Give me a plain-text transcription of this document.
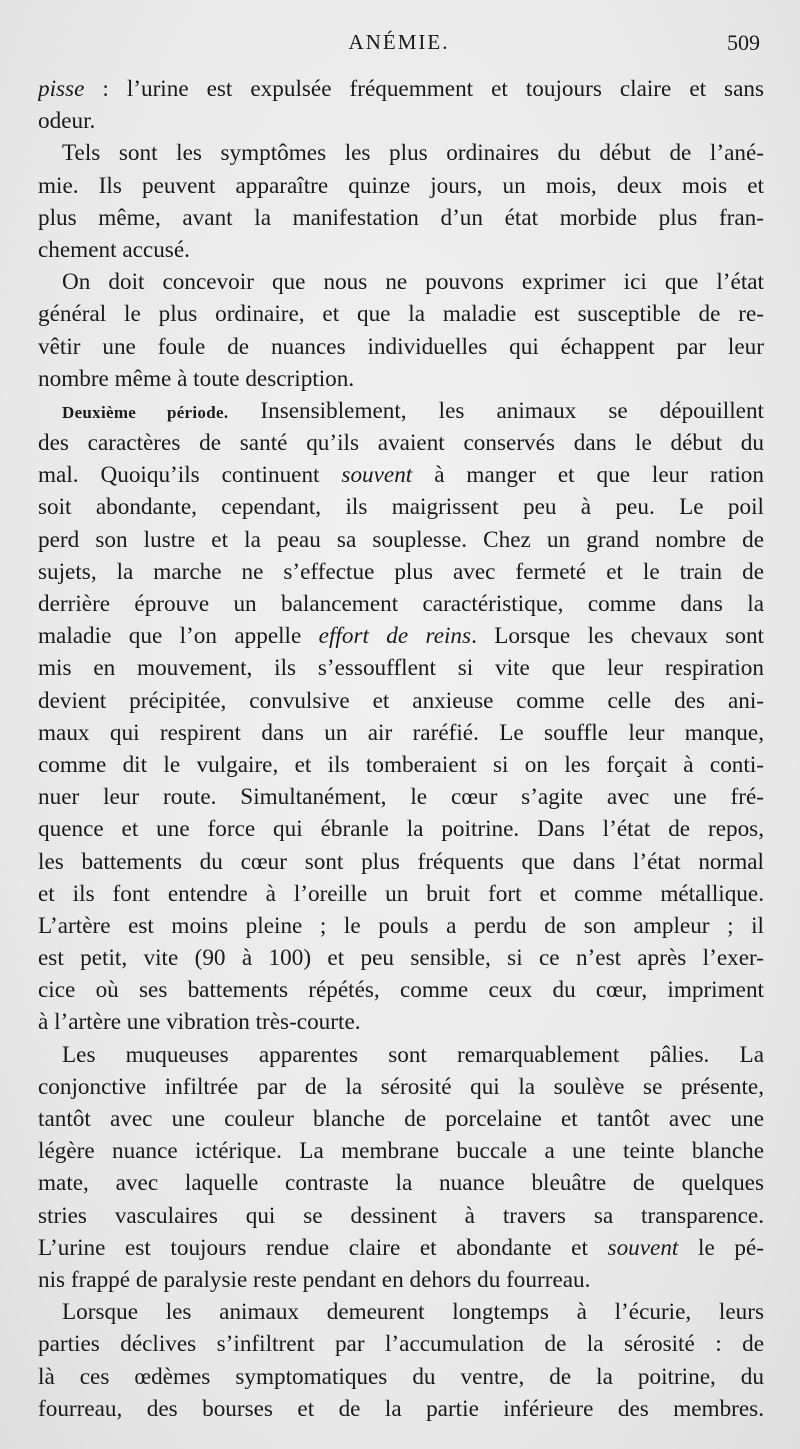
ANÉMIE.	509
pisse : l’urine est expulsée fréquemment et toujours claire et sans
odeur.
Tels sont les symptômes les plus ordinaires du début de l’ané-
mie. Ils peuvent apparaître quinze jours, un mois, deux mois et
plus même, avant la manifestation d’un état morbide plus fran-
chement accusé.
On doit concevoir que nous ne pouvons exprimer ici que l’état
général le plus ordinaire, et que la maladie est susceptible de re-
vêtir une foule de nuances individuelles qui échappent par leur
nombre même à toute description.
Deuxième période. Insensiblement, les animaux se dépouillent
des caractères de santé qu’ils avaient conservés dans le début du
mal. Quoiqu’ils continuent souvent à manger et que leur ration
soit abondante, cependant, ils maigrissent peu à peu. Le poil
perd son lustre et la peau sa souplesse. Chez un grand nombre de
sujets, la marche ne s’effectue plus avec fermeté et le train de
derrière éprouve un balancement caractéristique, comme dans la
maladie que l’on appelle effort de reins. Lorsque les chevaux sont
mis en mouvement, ils s’essoufflent si vite que leur respiration
devient précipitée, convulsive et anxieuse comme celle des ani-
maux qui respirent dans un air raréfié. Le souffle leur manque,
comme dit le vulgaire, et ils tomberaient si on les forçait à conti-
nuer leur route. Simultanément, le cœur s’agite avec une fré-
quence et une force qui ébranle la poitrine. Dans l’état de repos,
les battements du cœur sont plus fréquents que dans l’état normal
et ils font entendre à l’oreille un bruit fort et comme métallique.
L’artère est moins pleine ; le pouls a perdu de son ampleur ; il
est petit, vite (90 à 100) et peu sensible, si ce n’est après l’exer-
cice où ses battements répétés, comme ceux du cœur, impriment
à l’artère une vibration très-courte.
Les muqueuses apparentes sont remarquablement pâlies. La
conjonctive infiltrée par de la sérosité qui la soulève se présente,
tantôt avec une couleur blanche de porcelaine et tantôt avec une
légère nuance ictérique. La membrane buccale a une teinte blanche
mate, avec laquelle contraste la nuance bleuâtre de quelques
stries vasculaires qui se dessinent à travers sa transparence.
L’urine est toujours rendue claire et abondante et souvent le pé-
nis frappé de paralysie reste pendant en dehors du fourreau.
Lorsque les animaux demeurent longtemps à l’écurie, leurs
parties déclives s’infiltrent par l’accumulation de la sérosité : de
là ces œdèmes symptomatiques du ventre, de la poitrine, du
fourreau, des bourses et de la partie inférieure des membres.
